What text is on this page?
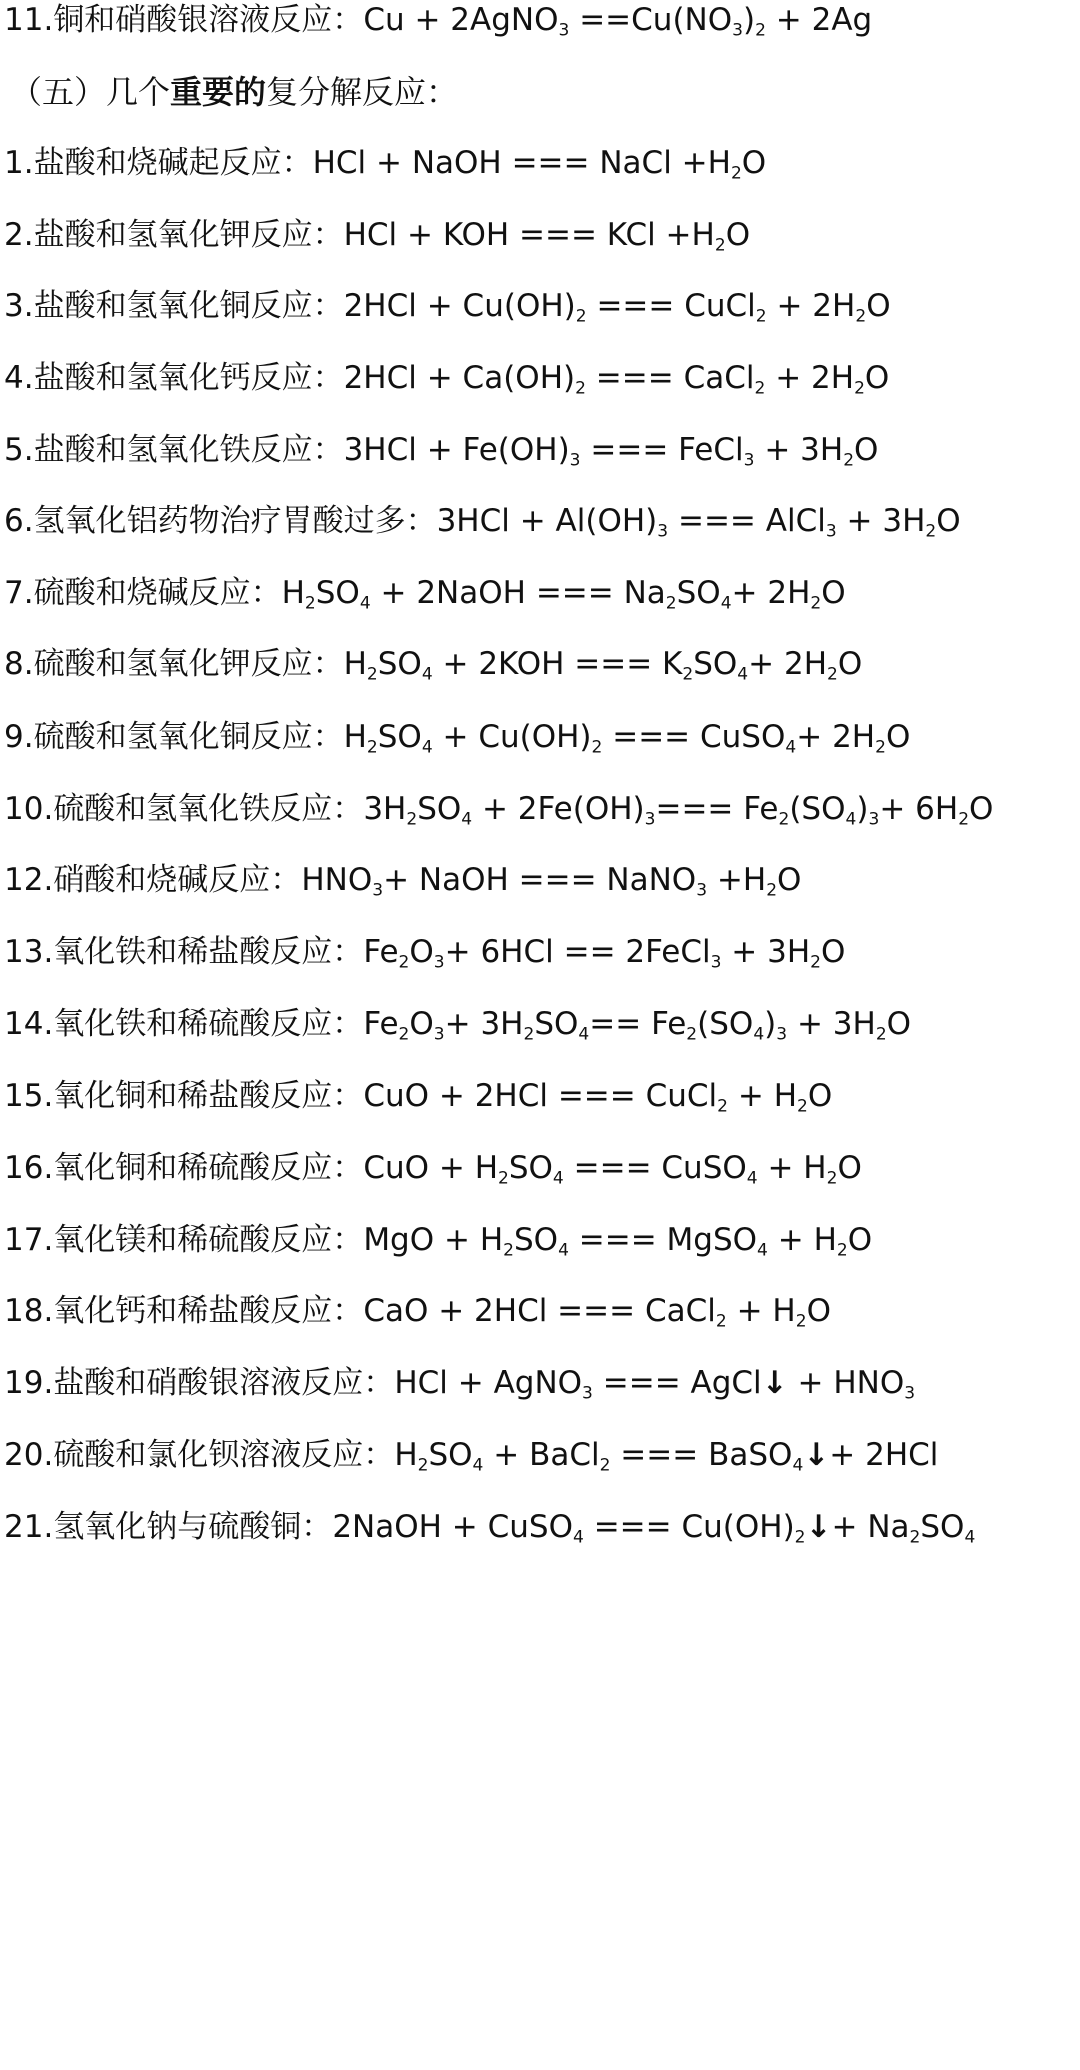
11.铜和硝酸银溶液反应：Cu + 2AgNO$_3$ $==Cu(NO_3)_2 + 2Ag$
（五）几个重要的复分解反应：
1.盐酸和烧碱起反应：HCl + NaOH === NaCl $+H_2O$
2.盐酸和氢氧化钾反应：HCl + KOH === KCl $+H_2O$
3.盐酸和氢氧化铜反应：$2HCl + Cu(OH)_2$ === CuCl$_2$ + $2H_2O$
4.盐酸和氢氧化钙反应：$2HCl + Ca(OH)_2$ === CaCl$_2$ + $2H_2O$
5.盐酸和氢氧化铁反应：$3HCl + Fe(OH)_3$ === FeCl$_3$ + $3H_2O$
6.氢氧化铝药物治疗胃酸过多：$3HCl + Al(OH)_3$ === AlCl$_3$ + $3H_2O$
7.硫酸和烧碱反应：$H_2SO_4$ + 2NaOH === $Na_2SO_4+ 2H_2O$
8.硫酸和氢氧化钾反应：$H_2SO_4 + 2KOH$ === $K_2SO_4+ 2H_2O$
9.硫酸和氢氧化铜反应：$H_2SO_4 + Cu(OH)_2$ === CuSO$_4$+ $2H_2O$
10.硫酸和氢氧化铁反应：$3H_2SO_4 + 2Fe(OH)_3=== Fe_2(SO_4)_3+ 6H_2O$
12.硝酸和烧碱反应：$HNO_3+$ NaOH === NaNO$_3$ $+H_2O$
13.氧化铁和稀盐酸反应：$Fe_2O_3+ 6HCl$ == 2FeCl$_3$ + $3H_2O$
14.氧化铁和稀硫酸反应：$Fe_2O_3+ 3H_2SO_4== Fe_2(SO_4)_3 + 3H_2O$
15.氧化铜和稀盐酸反应：CuO + 2HCl === CuCl$_2$ + $H_2O$
16.氧化铜和稀硫酸反应：CuO + $H_2SO_4$ === CuSO$_4$ + $H_2O$
17.氧化镁和稀硫酸反应：MgO + $H_2SO_4$ === MgSO$_4$ + $H_2O$
18.氧化钙和稀盐酸反应：CaO + 2HCl === CaCl$_2$ + $H_2O$
19.盐酸和硝酸银溶液反应：HCl + AgNO$_3$ === AgCl↓ + $HNO_3$
20.硫酸和氯化钡溶液反应：$H_2SO_4$ + BaCl$_2$ === BaSO$_4$↓+ 2HCl
21.氢氧化钠与硫酸铜：2NaOH + CuSO$_4$ === $Cu(OH)_2↓+ Na_2SO_4$
